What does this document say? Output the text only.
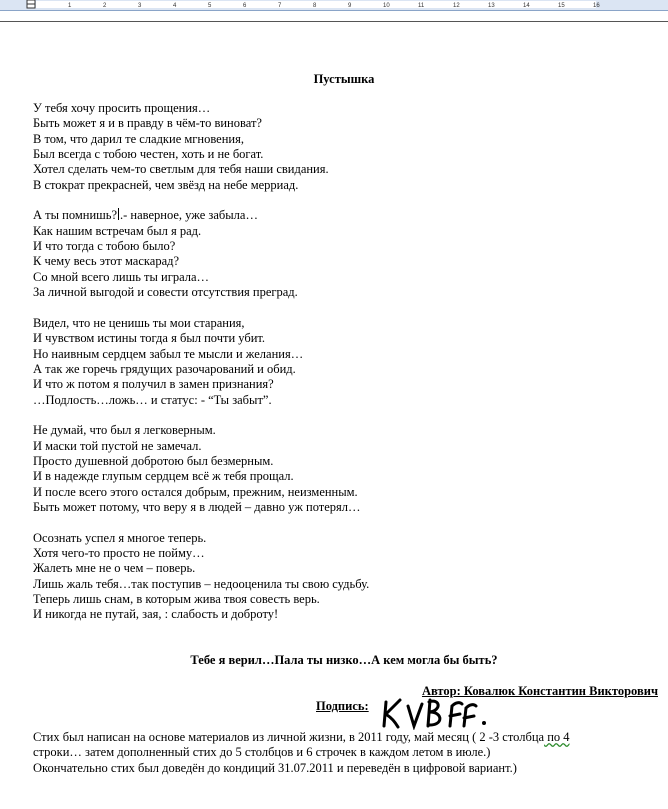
1	2	3	4	5	6	7	8	9	10	11	12	13	14	15	16
Пустышка
У тебя хочу просить прощения…
Быть может я и в правду в чём-то виноват?
В том, что дарил те сладкие мгновения,
Был всегда с тобою честен, хоть и не богат.
Хотел сделать чем-то светлым для тебя наши свидания.
В стократ прекрасней, чем звёзд на небе мерриад.
А ты помнишь? .- наверное, уже забыла…
Как нашим встречам был я рад.
И что тогда с тобою было?
К чему весь этот маскарад?
Со мной всего лишь ты играла…
За личной выгодой и совести отсутствия преград.
Видел, что не ценишь ты мои старания,
И чувством истины тогда я был почти убит.
Но наивным сердцем забыл те мысли и желания…
А так же горечь грядущих разочарований и обид.
И что ж потом я получил в замен признания?
…Подлость…ложь… и статус: - “Ты забыт”.
Не думай, что был я легковерным.
И маски той пустой не замечал.
Просто душевной добротою был безмерным.
И в надежде глупым сердцем всё ж тебя прощал.
И после всего этого остался добрым, прежним, неизменным.
Быть может потому, что веру я в людей – давно уж потерял…
Осознать успел я многое теперь.
Хотя чего-то просто не пойму…
Жалеть мне не о чем – поверь.
Лишь жаль тебя…так поступив – недооценила ты свою судьбу.
Теперь лишь снам, в которым жива твоя совесть верь.
И никогда не путай, зая, : слабость и доброту!
Тебе я верил…Пала ты низко…А кем могла бы быть?
Автор: Ковалюк Константин Викторович
Подпись:
Стих был написан на основе материалов из личной жизни, в 2011 году, май месяц ( 2 -3 столбца по 4
строки… затем дополненный стих до 5 столбцов и 6 строчек в каждом летом в июле.)
Окончательно стих был доведён до кондиций 31.07.2011 и переведён в цифровой вариант.)
